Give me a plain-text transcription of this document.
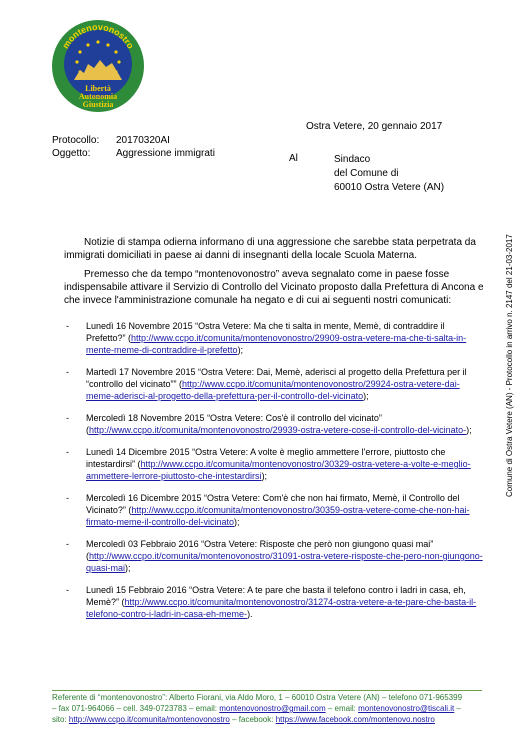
montenovonostro
Libertà
Autonomia
Giustizia
Ostra Vetere, 20 gennaio 2017
Protocollo: 20170320AI
Oggetto:	Aggressione immigrati	Al	Sindaco
del Comune di
60010 Ostra Vetere (AN)
Notizie di stampa odierna informano di una aggressione che sarebbe stata perpetrata da immigrati domiciliati in paese ai danni di insegnanti della locale Scuola Materna.
Premesso che da tempo “montenovonostro” aveva segnalato come in paese fosse indispensabile attivare il Servizio di Controllo del Vicinato proposto dalla Prefettura di Ancona e che invece l'amministrazione comunale ha negato e di cui ai seguenti nostri comunicati:
- Lunedì 16 Novembre 2015 “Ostra Vetere: Ma che ti salta in mente, Memè, di contraddire il Prefetto?” (http://www.ccpo.it/comunita/montenovonostro/29909-ostra-vetere-ma-che-ti-salta-in-mente-meme-di-contraddire-il-prefetto);
- Martedì 17 Novembre 2015 “Ostra Vetere: Dai, Memè, aderisci al progetto della Prefettura per il “controllo del vicinato”” (http://www.ccpo.it/comunita/montenovonostro/29924-ostra-vetere-dai-meme-aderisci-al-progetto-della-prefettura-per-il-controllo-del-vicinato);
- Mercoledì 18 Novembre 2015 “Ostra Vetere: Cos'è il controllo del vicinato” (http://www.ccpo.it/comunita/montenovonostro/29939-ostra-vetere-cose-il-controllo-del-vicinato-);
- Lunedì 14 Dicembre 2015 “Ostra Vetere: A volte è meglio ammettere l'errore, piuttosto che intestardirsi” (http://www.ccpo.it/comunita/montenovonostro/30329-ostra-vetere-a-volte-e-meglio-ammettere-lerrore-piuttosto-che-intestardirsi);
- Mercoledì 16 Dicembre 2015 “Ostra Vetere: Com'è che non hai firmato, Memè, il Controllo del Vicinato?” (http://www.ccpo.it/comunita/montenovonostro/30359-ostra-vetere-come-che-non-hai-firmato-meme-il-controllo-del-vicinato);
- Mercoledì 03 Febbraio 2016 “Ostra Vetere: Risposte che però non giungono quasi mai” (http://www.ccpo.it/comunita/montenovonostro/31091-ostra-vetere-risposte-che-pero-non-giungono-quasi-mai);
- Lunedì 15 Febbraio 2016 “Ostra Vetere: A te pare che basta il telefono contro i ladri in casa, eh, Memè?” (http://www.ccpo.it/comunita/montenovonostro/31274-ostra-vetere-a-te-pare-che-basta-il-telefono-contro-i-ladri-in-casa-eh-meme-).
Referente di “montenovonostro”: Alberto Fiorani, via Aldo Moro, 1 – 60010 Ostra Vetere (AN) – telefono 071-965399
– fax 071-964066 – cell. 349-0723783 – email: montenovonostro@gmail.com – email: montenovonostro@tiscali.it –
sito: http://www.ccpo.it/comunita/montenovonostro – facebook: https://www.facebook.com/montenovo.nostro
Comune di Ostra Vetere (AN) - Protocollo in arrivo n. 2147 del 21-03-2017
